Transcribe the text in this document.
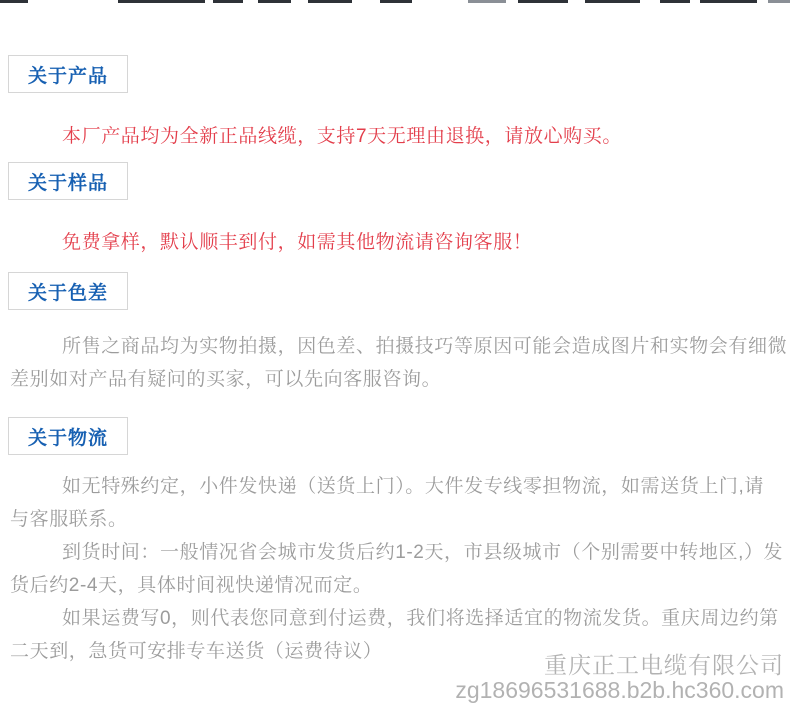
关于产品
本厂产品均为全新正品线缆，支持7天无理由退换，请放心购买。
关于样品
免费拿样，默认顺丰到付，如需其他物流请咨询客服！
关于色差
所售之商品均为实物拍摄，因色差、拍摄技巧等原因可能会造成图片和实物会有细微
差别如对产品有疑问的买家，可以先向客服咨询。
关于物流
如无特殊约定，小件发快递（送货上门）。大件发专线零担物流，如需送货上门,请
与客服联系。
到货时间：一般情况省会城市发货后约1-2天，市县级城市（个别需要中转地区,）发
货后约2-4天，具体时间视快递情况而定。
如果运费写0，则代表您同意到付运费，我们将选择适宜的物流发货。重庆周边约第
二天到，急货可安排专车送货（运费待议）
重庆正工电缆有限公司
zg18696531688.b2b.hc360.com
